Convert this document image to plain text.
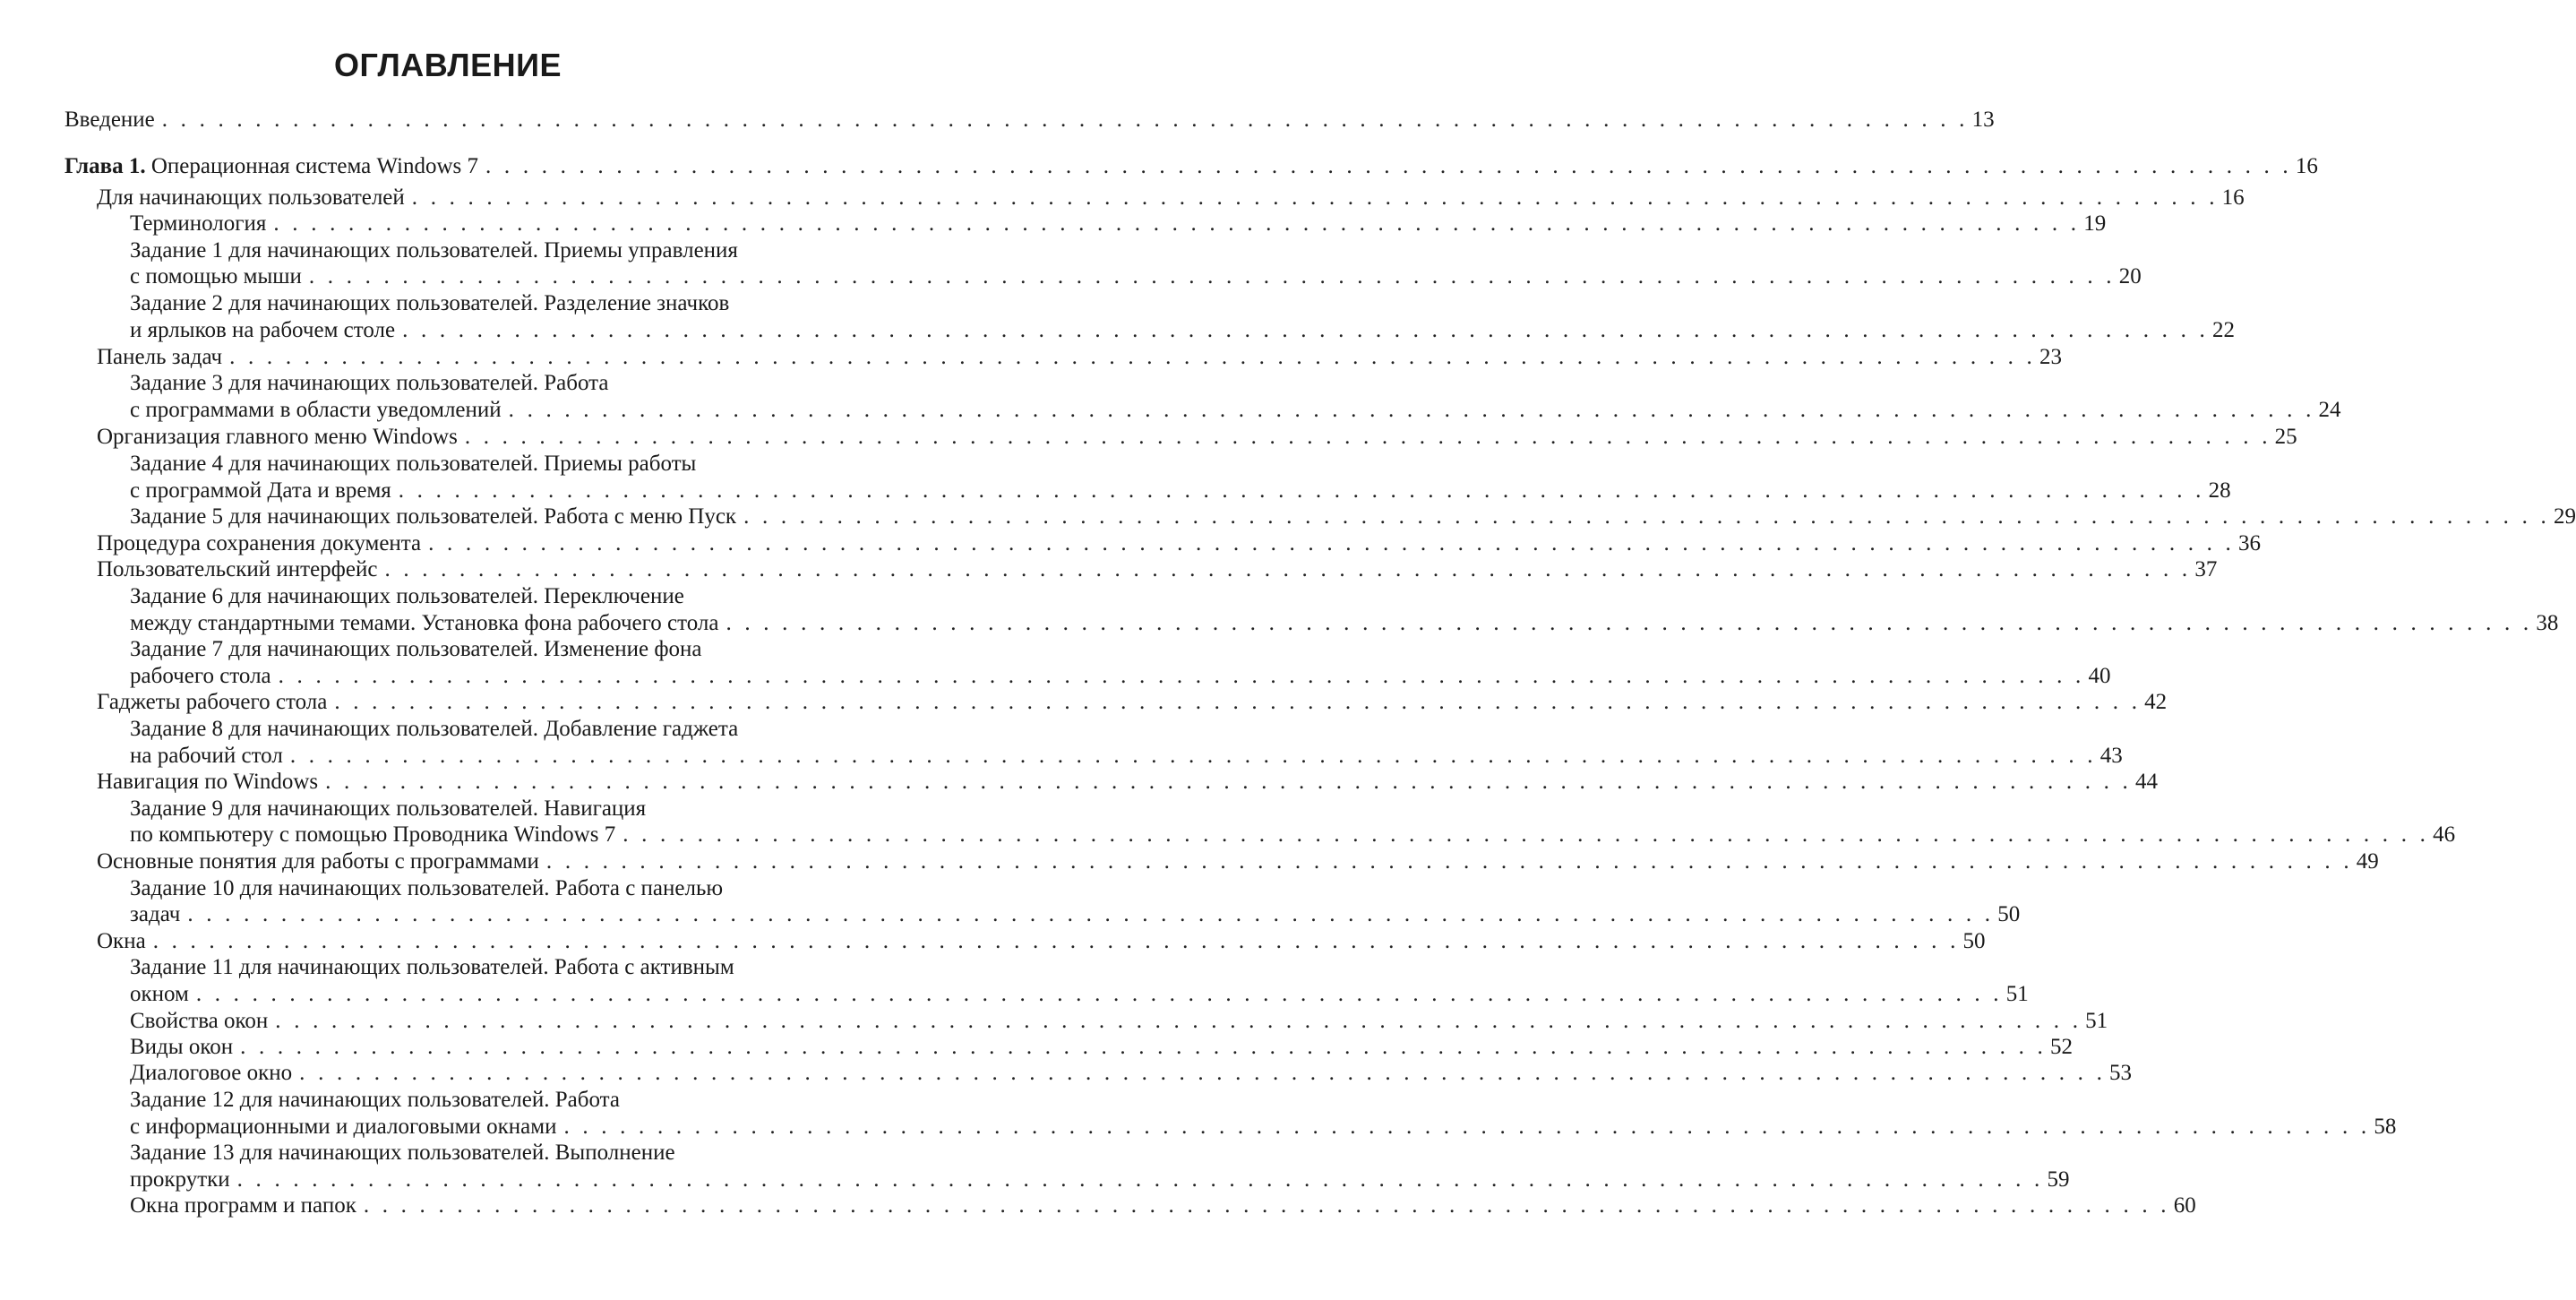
ОГЛАВЛЕНИЕ
Введение . . . . . . . . . . . . . . . . . . . . . . . . . . . . . . . . . . . . . . . . . . . . . . . . . . . . . . . . . . . . . . . . . . . . . . . . . . . . . . . . . . . . . . . . . . . . . . . . . 13
Глава 1. Операционная система Windows 7 . . . . . . . . . . . . . . . . . . . . . . . . . . . . . . . . . . . . . . . . . . . . . . . . . . . . . . . . . . . . . . . . . . . . . . . . . . . . . . . . . . . . . . . . . . . . . . . . . 16
Для начинающих пользователей . . . . . . . . . . . . . . . . . . . . . . . . . . . . . . . . . . . . . . . . . . . . . . . . . . . . . . . . . . . . . . . . . . . . . . . . . . . . . . . . . . . . . . . . . . . . . . . . . 16
Терминология . . . . . . . . . . . . . . . . . . . . . . . . . . . . . . . . . . . . . . . . . . . . . . . . . . . . . . . . . . . . . . . . . . . . . . . . . . . . . . . . . . . . . . . . . . . . . . . . . 19
Задание 1 для начинающих пользователей. Приемы управления
с помощью мыши . . . . . . . . . . . . . . . . . . . . . . . . . . . . . . . . . . . . . . . . . . . . . . . . . . . . . . . . . . . . . . . . . . . . . . . . . . . . . . . . . . . . . . . . . . . . . . . . . 20
Задание 2 для начинающих пользователей. Разделение значков
и ярлыков на рабочем столе . . . . . . . . . . . . . . . . . . . . . . . . . . . . . . . . . . . . . . . . . . . . . . . . . . . . . . . . . . . . . . . . . . . . . . . . . . . . . . . . . . . . . . . . . . . . . . . . . 22
Панель задач . . . . . . . . . . . . . . . . . . . . . . . . . . . . . . . . . . . . . . . . . . . . . . . . . . . . . . . . . . . . . . . . . . . . . . . . . . . . . . . . . . . . . . . . . . . . . . . . . 23
Задание 3 для начинающих пользователей. Работа
с программами в области уведомлений . . . . . . . . . . . . . . . . . . . . . . . . . . . . . . . . . . . . . . . . . . . . . . . . . . . . . . . . . . . . . . . . . . . . . . . . . . . . . . . . . . . . . . . . . . . . . . . . . 24
Организация главного меню Windows . . . . . . . . . . . . . . . . . . . . . . . . . . . . . . . . . . . . . . . . . . . . . . . . . . . . . . . . . . . . . . . . . . . . . . . . . . . . . . . . . . . . . . . . . . . . . . . . . 25
Задание 4 для начинающих пользователей. Приемы работы
с программой Дата и время . . . . . . . . . . . . . . . . . . . . . . . . . . . . . . . . . . . . . . . . . . . . . . . . . . . . . . . . . . . . . . . . . . . . . . . . . . . . . . . . . . . . . . . . . . . . . . . . . 28
Задание 5 для начинающих пользователей. Работа с меню Пуск . . . . . . . . . . . . . . . . . . . . . . . . . . . . . . . . . . . . . . . . . . . . . . . . . . . . . . . . . . . . . . . . . . . . . . . . . . . . . . . . . . . . . . . . . . . . . . . . . 29
Процедура сохранения документа . . . . . . . . . . . . . . . . . . . . . . . . . . . . . . . . . . . . . . . . . . . . . . . . . . . . . . . . . . . . . . . . . . . . . . . . . . . . . . . . . . . . . . . . . . . . . . . . . 36
Пользовательский интерфейс . . . . . . . . . . . . . . . . . . . . . . . . . . . . . . . . . . . . . . . . . . . . . . . . . . . . . . . . . . . . . . . . . . . . . . . . . . . . . . . . . . . . . . . . . . . . . . . . . 37
Задание 6 для начинающих пользователей. Переключение
между стандартными темами. Установка фона рабочего стола . . . . . . . . . . . . . . . . . . . . . . . . . . . . . . . . . . . . . . . . . . . . . . . . . . . . . . . . . . . . . . . . . . . . . . . . . . . . . . . . . . . . . . . . . . . . . . . . . 38
Задание 7 для начинающих пользователей. Изменение фона
рабочего стола . . . . . . . . . . . . . . . . . . . . . . . . . . . . . . . . . . . . . . . . . . . . . . . . . . . . . . . . . . . . . . . . . . . . . . . . . . . . . . . . . . . . . . . . . . . . . . . . . 40
Гаджеты рабочего стола . . . . . . . . . . . . . . . . . . . . . . . . . . . . . . . . . . . . . . . . . . . . . . . . . . . . . . . . . . . . . . . . . . . . . . . . . . . . . . . . . . . . . . . . . . . . . . . . . 42
Задание 8 для начинающих пользователей. Добавление гаджета
на рабочий стол . . . . . . . . . . . . . . . . . . . . . . . . . . . . . . . . . . . . . . . . . . . . . . . . . . . . . . . . . . . . . . . . . . . . . . . . . . . . . . . . . . . . . . . . . . . . . . . . . 43
Навигация по Windows . . . . . . . . . . . . . . . . . . . . . . . . . . . . . . . . . . . . . . . . . . . . . . . . . . . . . . . . . . . . . . . . . . . . . . . . . . . . . . . . . . . . . . . . . . . . . . . . . 44
Задание 9 для начинающих пользователей. Навигация
по компьютеру с помощью Проводника Windows 7 . . . . . . . . . . . . . . . . . . . . . . . . . . . . . . . . . . . . . . . . . . . . . . . . . . . . . . . . . . . . . . . . . . . . . . . . . . . . . . . . . . . . . . . . . . . . . . . . . 46
Основные понятия для работы с программами . . . . . . . . . . . . . . . . . . . . . . . . . . . . . . . . . . . . . . . . . . . . . . . . . . . . . . . . . . . . . . . . . . . . . . . . . . . . . . . . . . . . . . . . . . . . . . . . . 49
Задание 10 для начинающих пользователей. Работа с панелью
задач . . . . . . . . . . . . . . . . . . . . . . . . . . . . . . . . . . . . . . . . . . . . . . . . . . . . . . . . . . . . . . . . . . . . . . . . . . . . . . . . . . . . . . . . . . . . . . . . . 50
Окна . . . . . . . . . . . . . . . . . . . . . . . . . . . . . . . . . . . . . . . . . . . . . . . . . . . . . . . . . . . . . . . . . . . . . . . . . . . . . . . . . . . . . . . . . . . . . . . . . 50
Задание 11 для начинающих пользователей. Работа с активным
окном . . . . . . . . . . . . . . . . . . . . . . . . . . . . . . . . . . . . . . . . . . . . . . . . . . . . . . . . . . . . . . . . . . . . . . . . . . . . . . . . . . . . . . . . . . . . . . . . . 51
Свойства окон . . . . . . . . . . . . . . . . . . . . . . . . . . . . . . . . . . . . . . . . . . . . . . . . . . . . . . . . . . . . . . . . . . . . . . . . . . . . . . . . . . . . . . . . . . . . . . . . . 51
Виды окон . . . . . . . . . . . . . . . . . . . . . . . . . . . . . . . . . . . . . . . . . . . . . . . . . . . . . . . . . . . . . . . . . . . . . . . . . . . . . . . . . . . . . . . . . . . . . . . . . 52
Диалоговое окно . . . . . . . . . . . . . . . . . . . . . . . . . . . . . . . . . . . . . . . . . . . . . . . . . . . . . . . . . . . . . . . . . . . . . . . . . . . . . . . . . . . . . . . . . . . . . . . . . 53
Задание 12 для начинающих пользователей. Работа
с информационными и диалоговыми окнами . . . . . . . . . . . . . . . . . . . . . . . . . . . . . . . . . . . . . . . . . . . . . . . . . . . . . . . . . . . . . . . . . . . . . . . . . . . . . . . . . . . . . . . . . . . . . . . . . 58
Задание 13 для начинающих пользователей. Выполнение
прокрутки . . . . . . . . . . . . . . . . . . . . . . . . . . . . . . . . . . . . . . . . . . . . . . . . . . . . . . . . . . . . . . . . . . . . . . . . . . . . . . . . . . . . . . . . . . . . . . . . . 59
Окна программ и папок . . . . . . . . . . . . . . . . . . . . . . . . . . . . . . . . . . . . . . . . . . . . . . . . . . . . . . . . . . . . . . . . . . . . . . . . . . . . . . . . . . . . . . . . . . . . . . . . . 60
